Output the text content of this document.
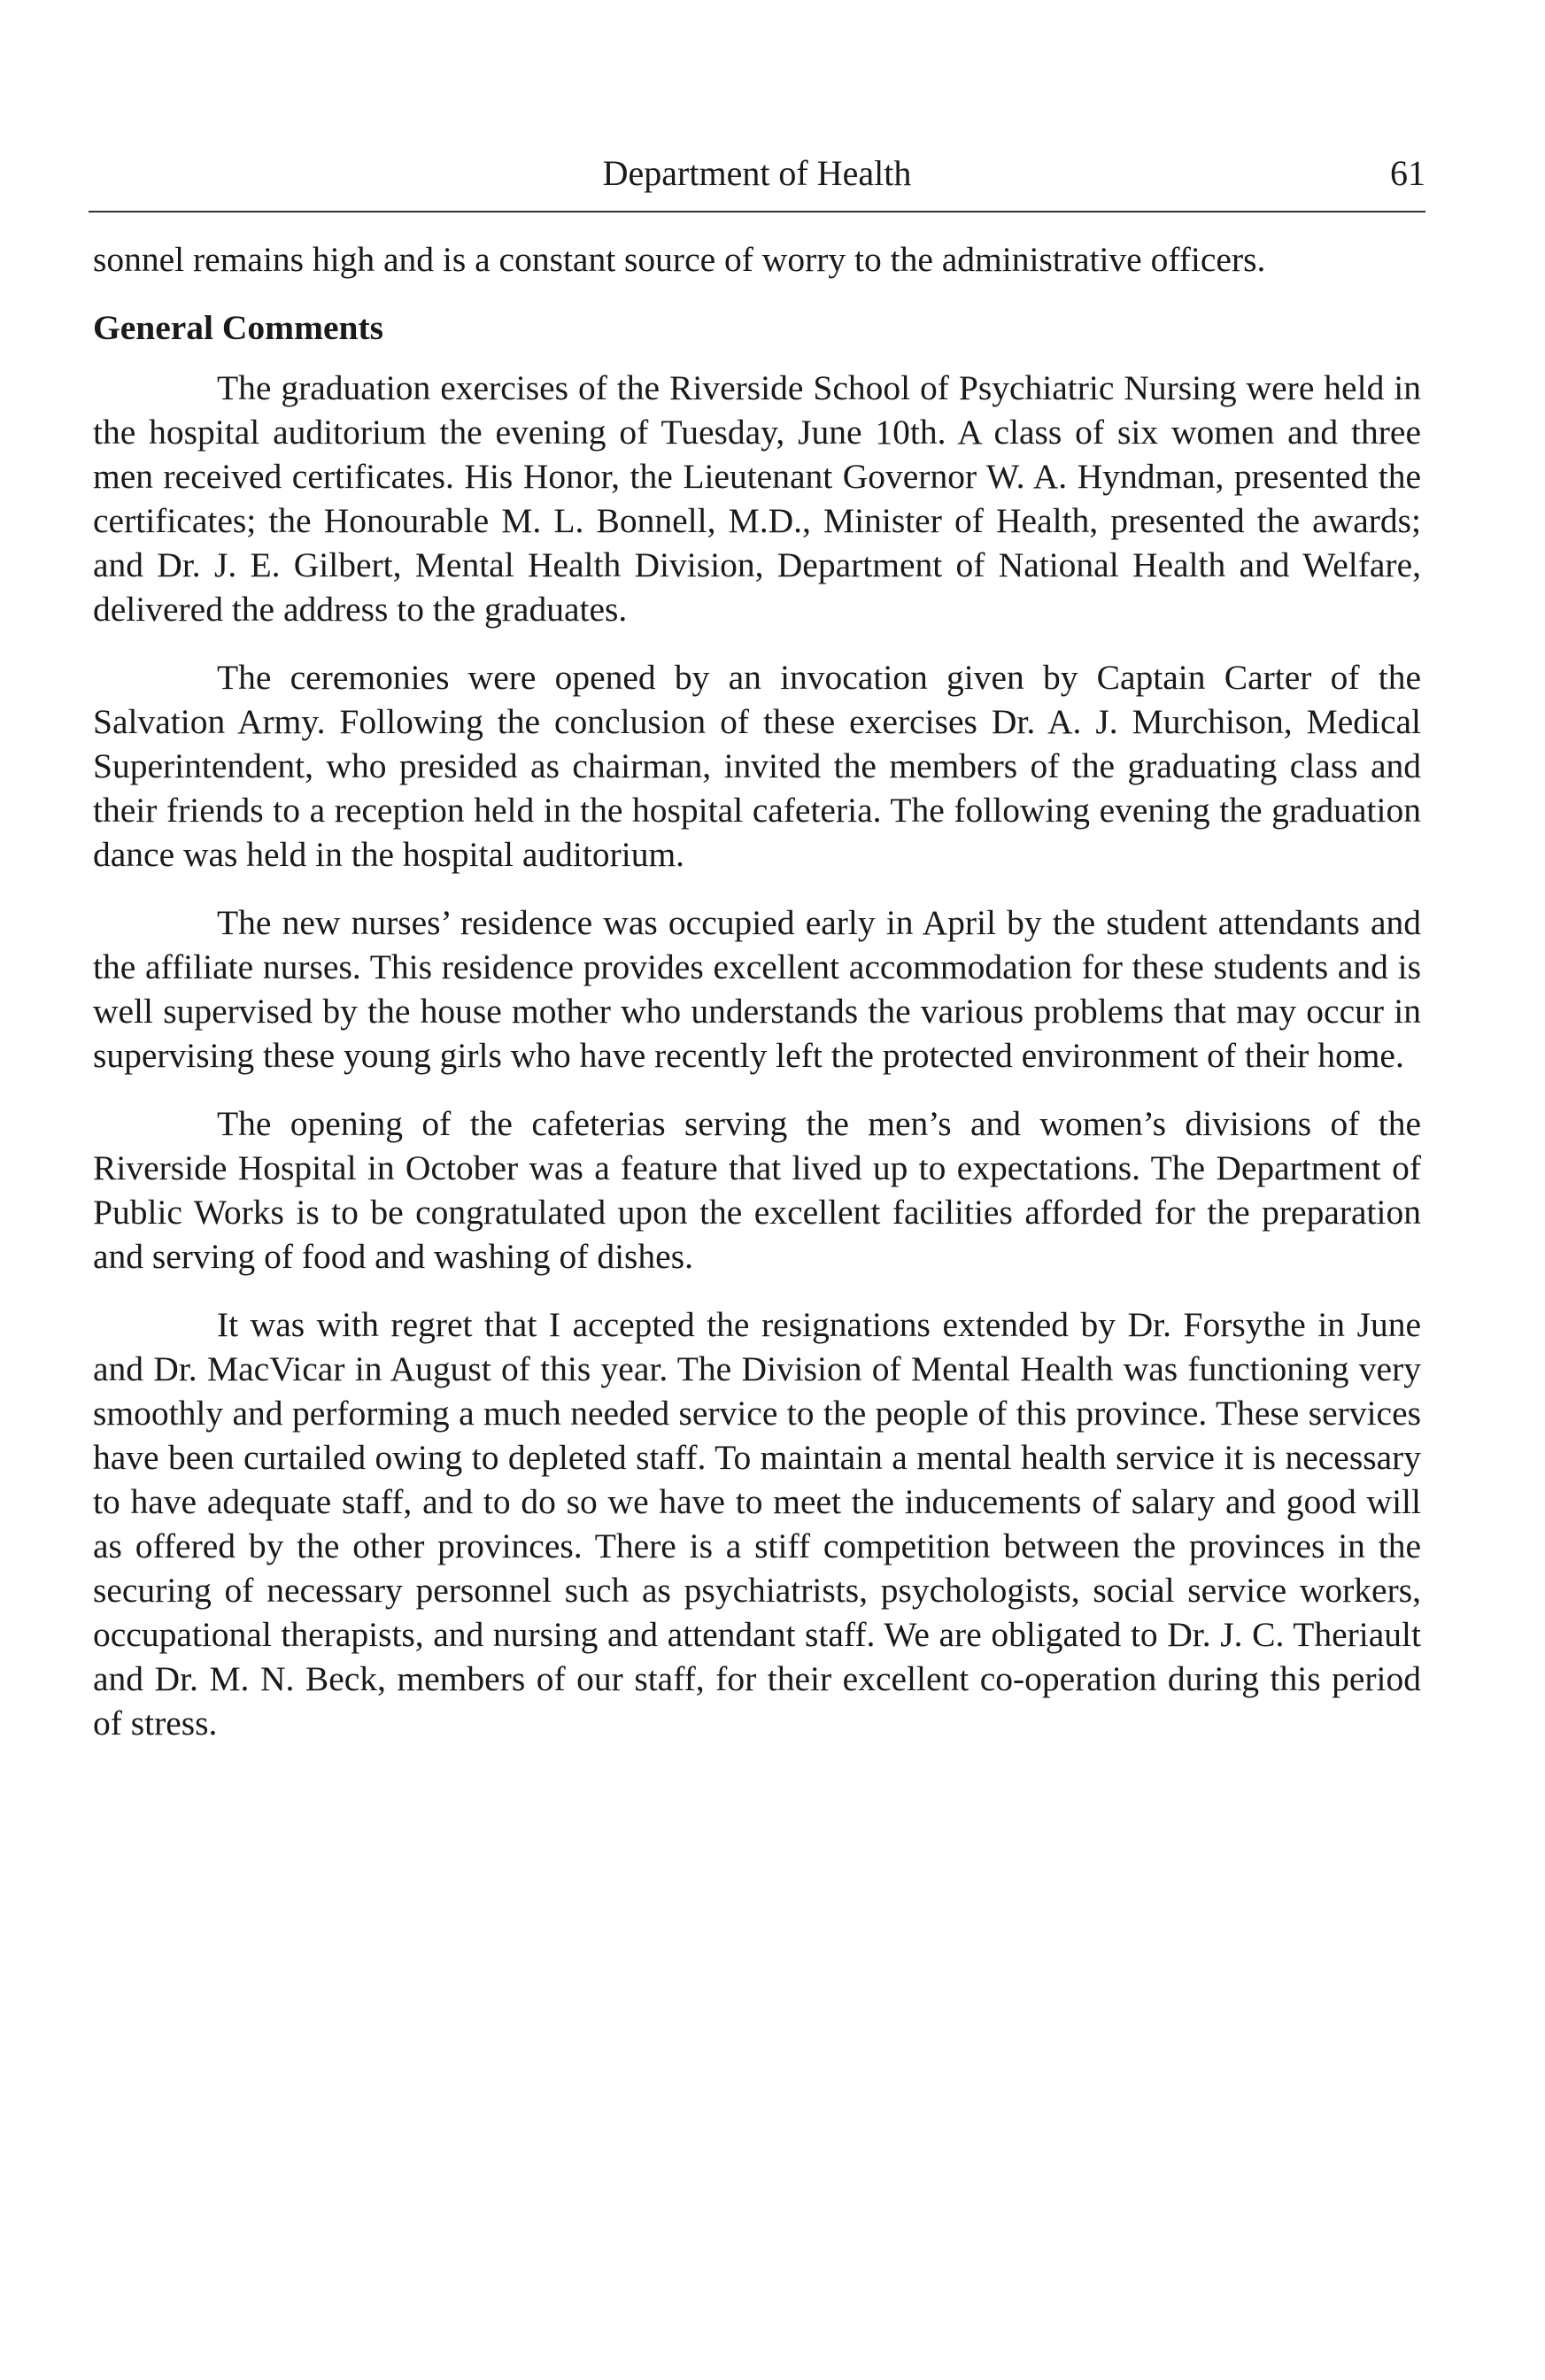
Department of Health	61

sonnel remains high and is a constant source of worry to the administrative officers.

General Comments

The graduation exercises of the Riverside School of Psychiatric Nursing were held in the hospital auditorium the evening of Tuesday, June 10th. A class of six women and three men received certificates. His Honor, the Lieutenant Governor W. A. Hyndman, presented the certificates; the Honourable M. L. Bonnell, M.D., Minister of Health, presented the awards; and Dr. J. E. Gilbert, Mental Health Division, Department of National Health and Welfare, delivered the address to the graduates.

The ceremonies were opened by an invocation given by Captain Carter of the Salvation Army. Following the conclusion of these exercises Dr. A. J. Murchison, Medical Superintendent, who presided as chairman, invited the members of the graduating class and their friends to a reception held in the hospital cafeteria. The following evening the graduation dance was held in the hospital auditorium.

The new nurses’ residence was occupied early in April by the student attendants and the affiliate nurses. This residence provides excellent accommodation for these students and is well supervised by the house mother who understands the various problems that may occur in supervising these young girls who have recently left the protected environment of their home.

The opening of the cafeterias serving the men’s and women’s divisions of the Riverside Hospital in October was a feature that lived up to expectations. The Department of Public Works is to be congratulated upon the excellent facilities afforded for the preparation and serving of food and washing of dishes.

It was with regret that I accepted the resignations extended by Dr. Forsythe in June and Dr. MacVicar in August of this year. The Division of Mental Health was functioning very smoothly and performing a much needed service to the people of this province. These services have been curtailed owing to depleted staff. To maintain a mental health service it is necessary to have adequate staff, and to do so we have to meet the inducements of salary and good will as offered by the other provinces. There is a stiff competition between the provinces in the securing of necessary personnel such as psychiatrists, psychologists, social service workers, occupational therapists, and nursing and attendant staff. We are obligated to Dr. J. C. Theriault and Dr. M. N. Beck, members of our staff, for their excellent co-operation during this period of stress.
